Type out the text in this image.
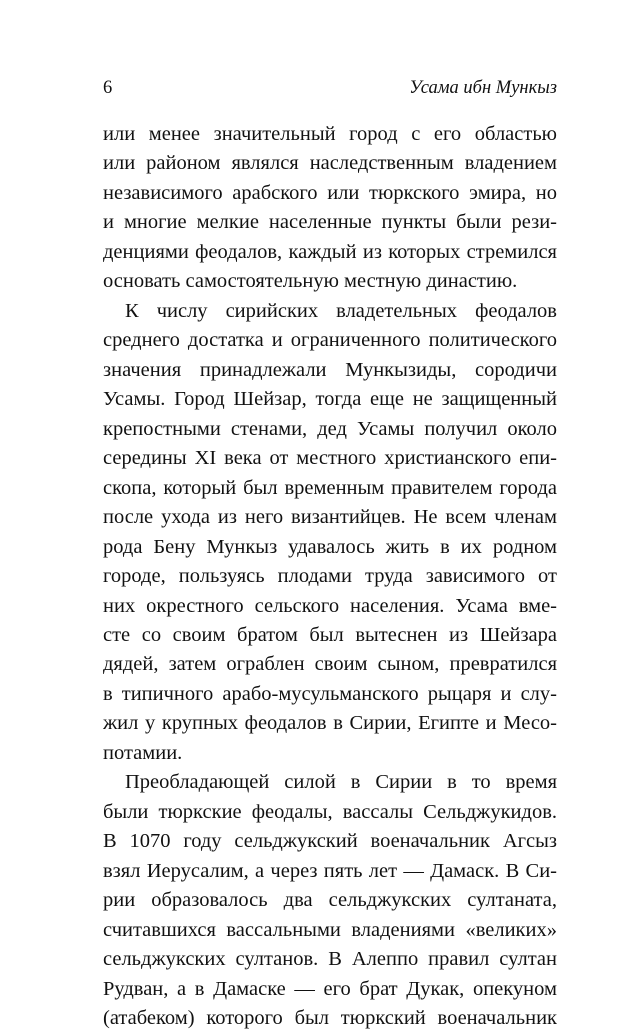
6	Усама ибн Мункыз
или менее значительный город с его областью
или районом являлся наследственным владением
независимого арабского или тюркского эмира, но
и многие мелкие населенные пункты были рези-
денциями феодалов, каждый из которых стремился
основать самостоятельную местную династию.
К числу сирийских владетельных феодалов
среднего достатка и ограниченного политического
значения принадлежали Мункызиды, сородичи
Усамы. Город Шейзар, тогда еще не защищенный
крепостными стенами, дед Усамы получил около
середины XI века от местного христианского епи-
скопа, который был временным правителем города
после ухода из него византийцев. Не всем членам
рода Бену Мункыз удавалось жить в их родном
городе, пользуясь плодами труда зависимого от
них окрестного сельского населения. Усама вме-
сте со своим братом был вытеснен из Шейзара
дядей, затем ограблен своим сыном, превратился
в типичного арабо-мусульманского рыцаря и слу-
жил у крупных феодалов в Сирии, Египте и Месо-
потамии.
Преобладающей силой в Сирии в то время
были тюркские феодалы, вассалы Сельджукидов.
В 1070 году сельджукский военачальник Агсыз
взял Иерусалим, а через пять лет — Дамаск. В Си-
рии образовалось два сельджукских султаната,
считавшихся вассальными владениями «великих»
сельджукских султанов. В Алеппо правил султан
Рудван, а в Дамаске — его брат Дукак, опекуном
(атабеком) которого был тюркский военачальник
